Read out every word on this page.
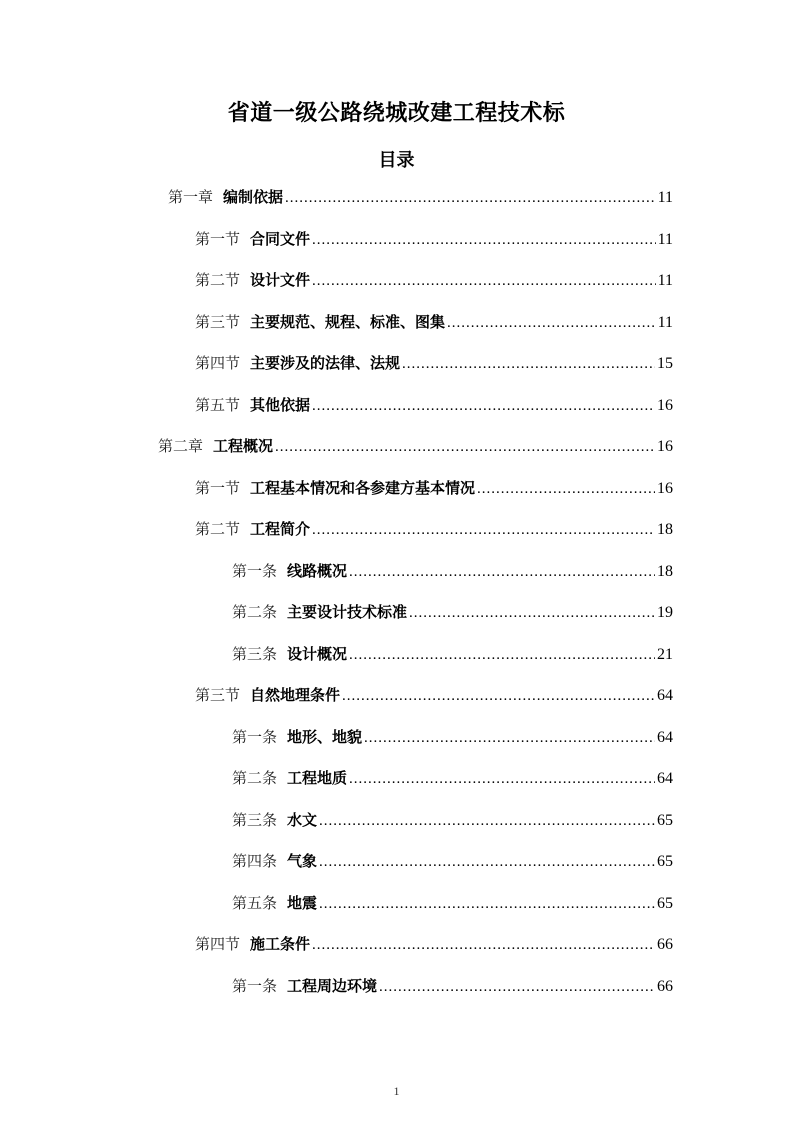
省道一级公路绕城改建工程技术标
目录
第一章 编制依据 .....	11
第一节 合同文件 .....	11
第二节 设计文件 .....	11
第三节 主要规范、规程、标准、图集 .....	11
第四节 主要涉及的法律、法规 .....	15
第五节 其他依据 .....	16
第二章 工程概况 .....	16
第一节 工程基本情况和各参建方基本情况 .....	16
第二节 工程简介 .....	18
第一条 线路概况 .....	18
第二条 主要设计技术标准 .....	19
第三条 设计概况 .....	21
第三节 自然地理条件 .....	64
第一条 地形、地貌 .....	64
第二条 工程地质 .....	64
第三条 水文 .....	65
第四条 气象 .....	65
第五条 地震 .....	65
第四节 施工条件 .....	66
第一条 工程周边环境 .....	66
1
